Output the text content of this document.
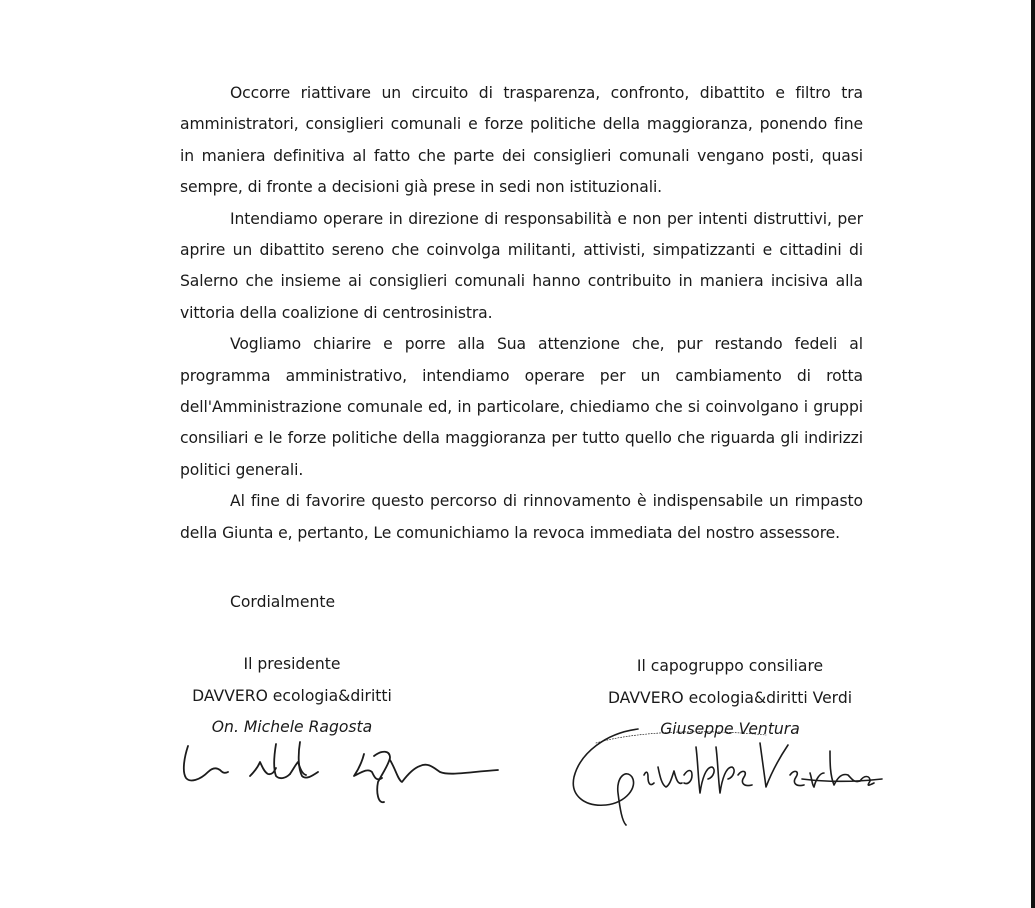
Occorre riattivare un circuito di trasparenza, confronto, dibattito e filtro tra amministratori, consiglieri comunali e forze politiche della maggioranza, ponendo fine in maniera definitiva al fatto che parte dei consiglieri comunali vengano posti, quasi sempre, di fronte a decisioni già prese in sedi non istituzionali.

Intendiamo operare in direzione di responsabilità e non per intenti distruttivi, per aprire un dibattito sereno che coinvolga militanti, attivisti, simpatizzanti e cittadini di Salerno che insieme ai consiglieri comunali hanno contribuito in maniera incisiva alla vittoria della coalizione di centrosinistra.

Vogliamo chiarire e porre alla Sua attenzione che, pur restando fedeli al programma amministrativo, intendiamo operare per un cambiamento di rotta dell'Amministrazione comunale ed, in particolare, chiediamo che si coinvolgano i gruppi consiliari e le forze politiche della maggioranza per tutto quello che riguarda gli indirizzi politici generali.

Al fine di favorire questo percorso di rinnovamento è indispensabile un rimpasto della Giunta e, pertanto, Le comunichiamo la revoca immediata del nostro assessore.

Cordialmente
Il presidente
DAVVERO ecologia&diritti
On. Michele Ragosta
Il capogruppo consiliare
DAVVERO ecologia&diritti Verdi
Giuseppe Ventura
